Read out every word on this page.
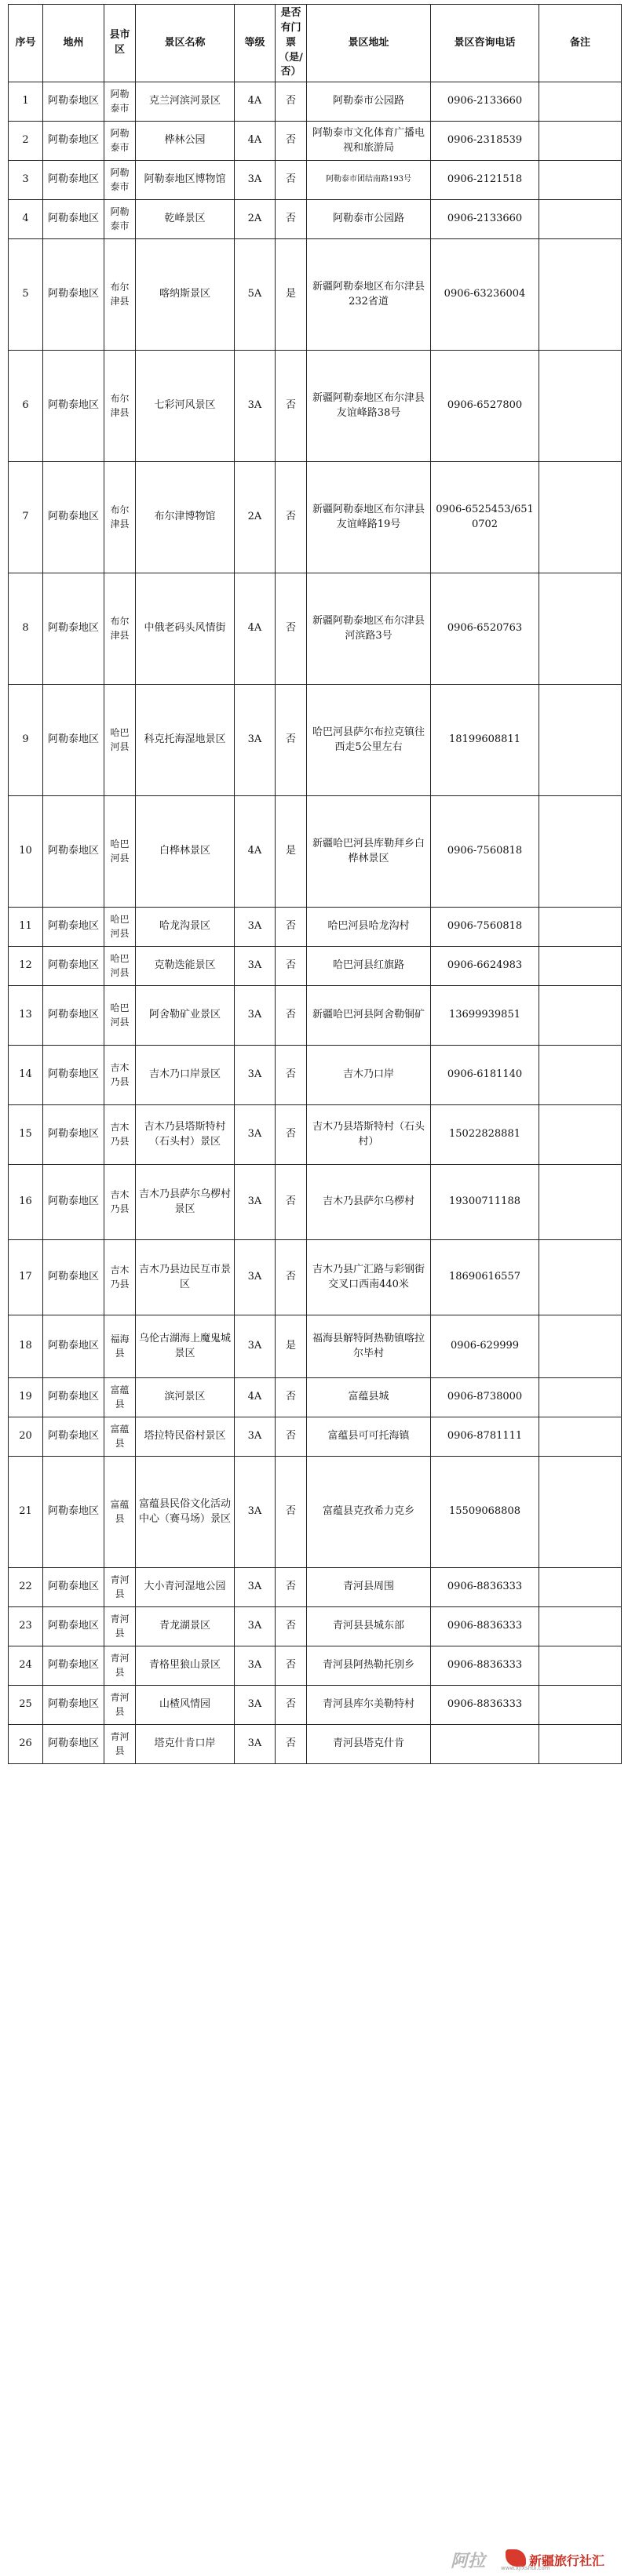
序号	地州	县市区	景区名称	等级	是否有门票（是/否）	景区地址	景区咨询电话	备注
1	阿勒泰地区	阿勒泰市	克兰河滨河景区	4A	否	阿勒泰市公园路	0906-2133660	
2	阿勒泰地区	阿勒泰市	桦林公园	4A	否	阿勒泰市文化体育广播电视和旅游局	0906-2318539	
3	阿勒泰地区	阿勒泰市	阿勒泰地区博物馆	3A	否	阿勒泰市团结南路193号	0906-2121518	
4	阿勒泰地区	阿勒泰市	乾峰景区	2A	否	阿勒泰市公园路	0906-2133660	
5	阿勒泰地区	布尔津县	喀纳斯景区	5A	是	新疆阿勒泰地区布尔津县232省道	0906-63236004	
6	阿勒泰地区	布尔津县	七彩河风景区	3A	否	新疆阿勒泰地区布尔津县友谊峰路38号	0906-6527800	
7	阿勒泰地区	布尔津县	布尔津博物馆	2A	否	新疆阿勒泰地区布尔津县友谊峰路19号	0906-6525453/6510702	
8	阿勒泰地区	布尔津县	中俄老码头风情街	4A	否	新疆阿勒泰地区布尔津县河滨路3号	0906-6520763	
9	阿勒泰地区	哈巴河县	科克托海湿地景区	3A	否	哈巴河县萨尔布拉克镇往西走5公里左右	18199608811	
10	阿勒泰地区	哈巴河县	白桦林景区	4A	是	新疆哈巴河县库勒拜乡白桦林景区	0906-7560818	
11	阿勒泰地区	哈巴河县	哈龙沟景区	3A	否	哈巴河县哈龙沟村	0906-7560818	
12	阿勒泰地区	哈巴河县	克勒迭能景区	3A	否	哈巴河县红旗路	0906-6624983	
13	阿勒泰地区	哈巴河县	阿舍勒矿业景区	3A	否	新疆哈巴河县阿舍勒铜矿	13699939851	
14	阿勒泰地区	吉木乃县	吉木乃口岸景区	3A	否	吉木乃口岸	0906-6181140	
15	阿勒泰地区	吉木乃县	吉木乃县塔斯特村（石头村）景区	3A	否	吉木乃县塔斯特村（石头村）	15022828881	
16	阿勒泰地区	吉木乃县	吉木乃县萨尔乌椤村景区	3A	否	吉木乃县萨尔乌椤村	19300711188	
17	阿勒泰地区	吉木乃县	吉木乃县边民互市景区	3A	否	吉木乃县广汇路与彩钢街交叉口西南440米	18690616557	
18	阿勒泰地区	福海县	乌伦古湖海上魔鬼城景区	3A	是	福海县解特阿热勒镇喀拉尔毕村	0906-629999	
19	阿勒泰地区	富蕴县	滨河景区	4A	否	富蕴县城	0906-8738000	
20	阿勒泰地区	富蕴县	塔拉特民俗村景区	3A	否	富蕴县可可托海镇	0906-8781111	
21	阿勒泰地区	富蕴县	富蕴县民俗文化活动中心（赛马场）景区	3A	否	富蕴县克孜希力克乡	15509068808	
22	阿勒泰地区	青河县	大小青河湿地公园	3A	否	青河县周围	0906-8836333	
23	阿勒泰地区	青河县	青龙湖景区	3A	否	青河县县城东部	0906-8836333	
24	阿勒泰地区	青河县	青格里狼山景区	3A	否	青河县阿热勒托别乡	0906-8836333	
25	阿勒泰地区	青河县	山楂风情园	3A	否	青河县库尔美勒特村	0906-8836333	
26	阿勒泰地区	青河县	塔克什肯口岸	3A	否	青河县塔克什肯		
阿拉	新疆旅行社汇
www.xjlxshui.com
